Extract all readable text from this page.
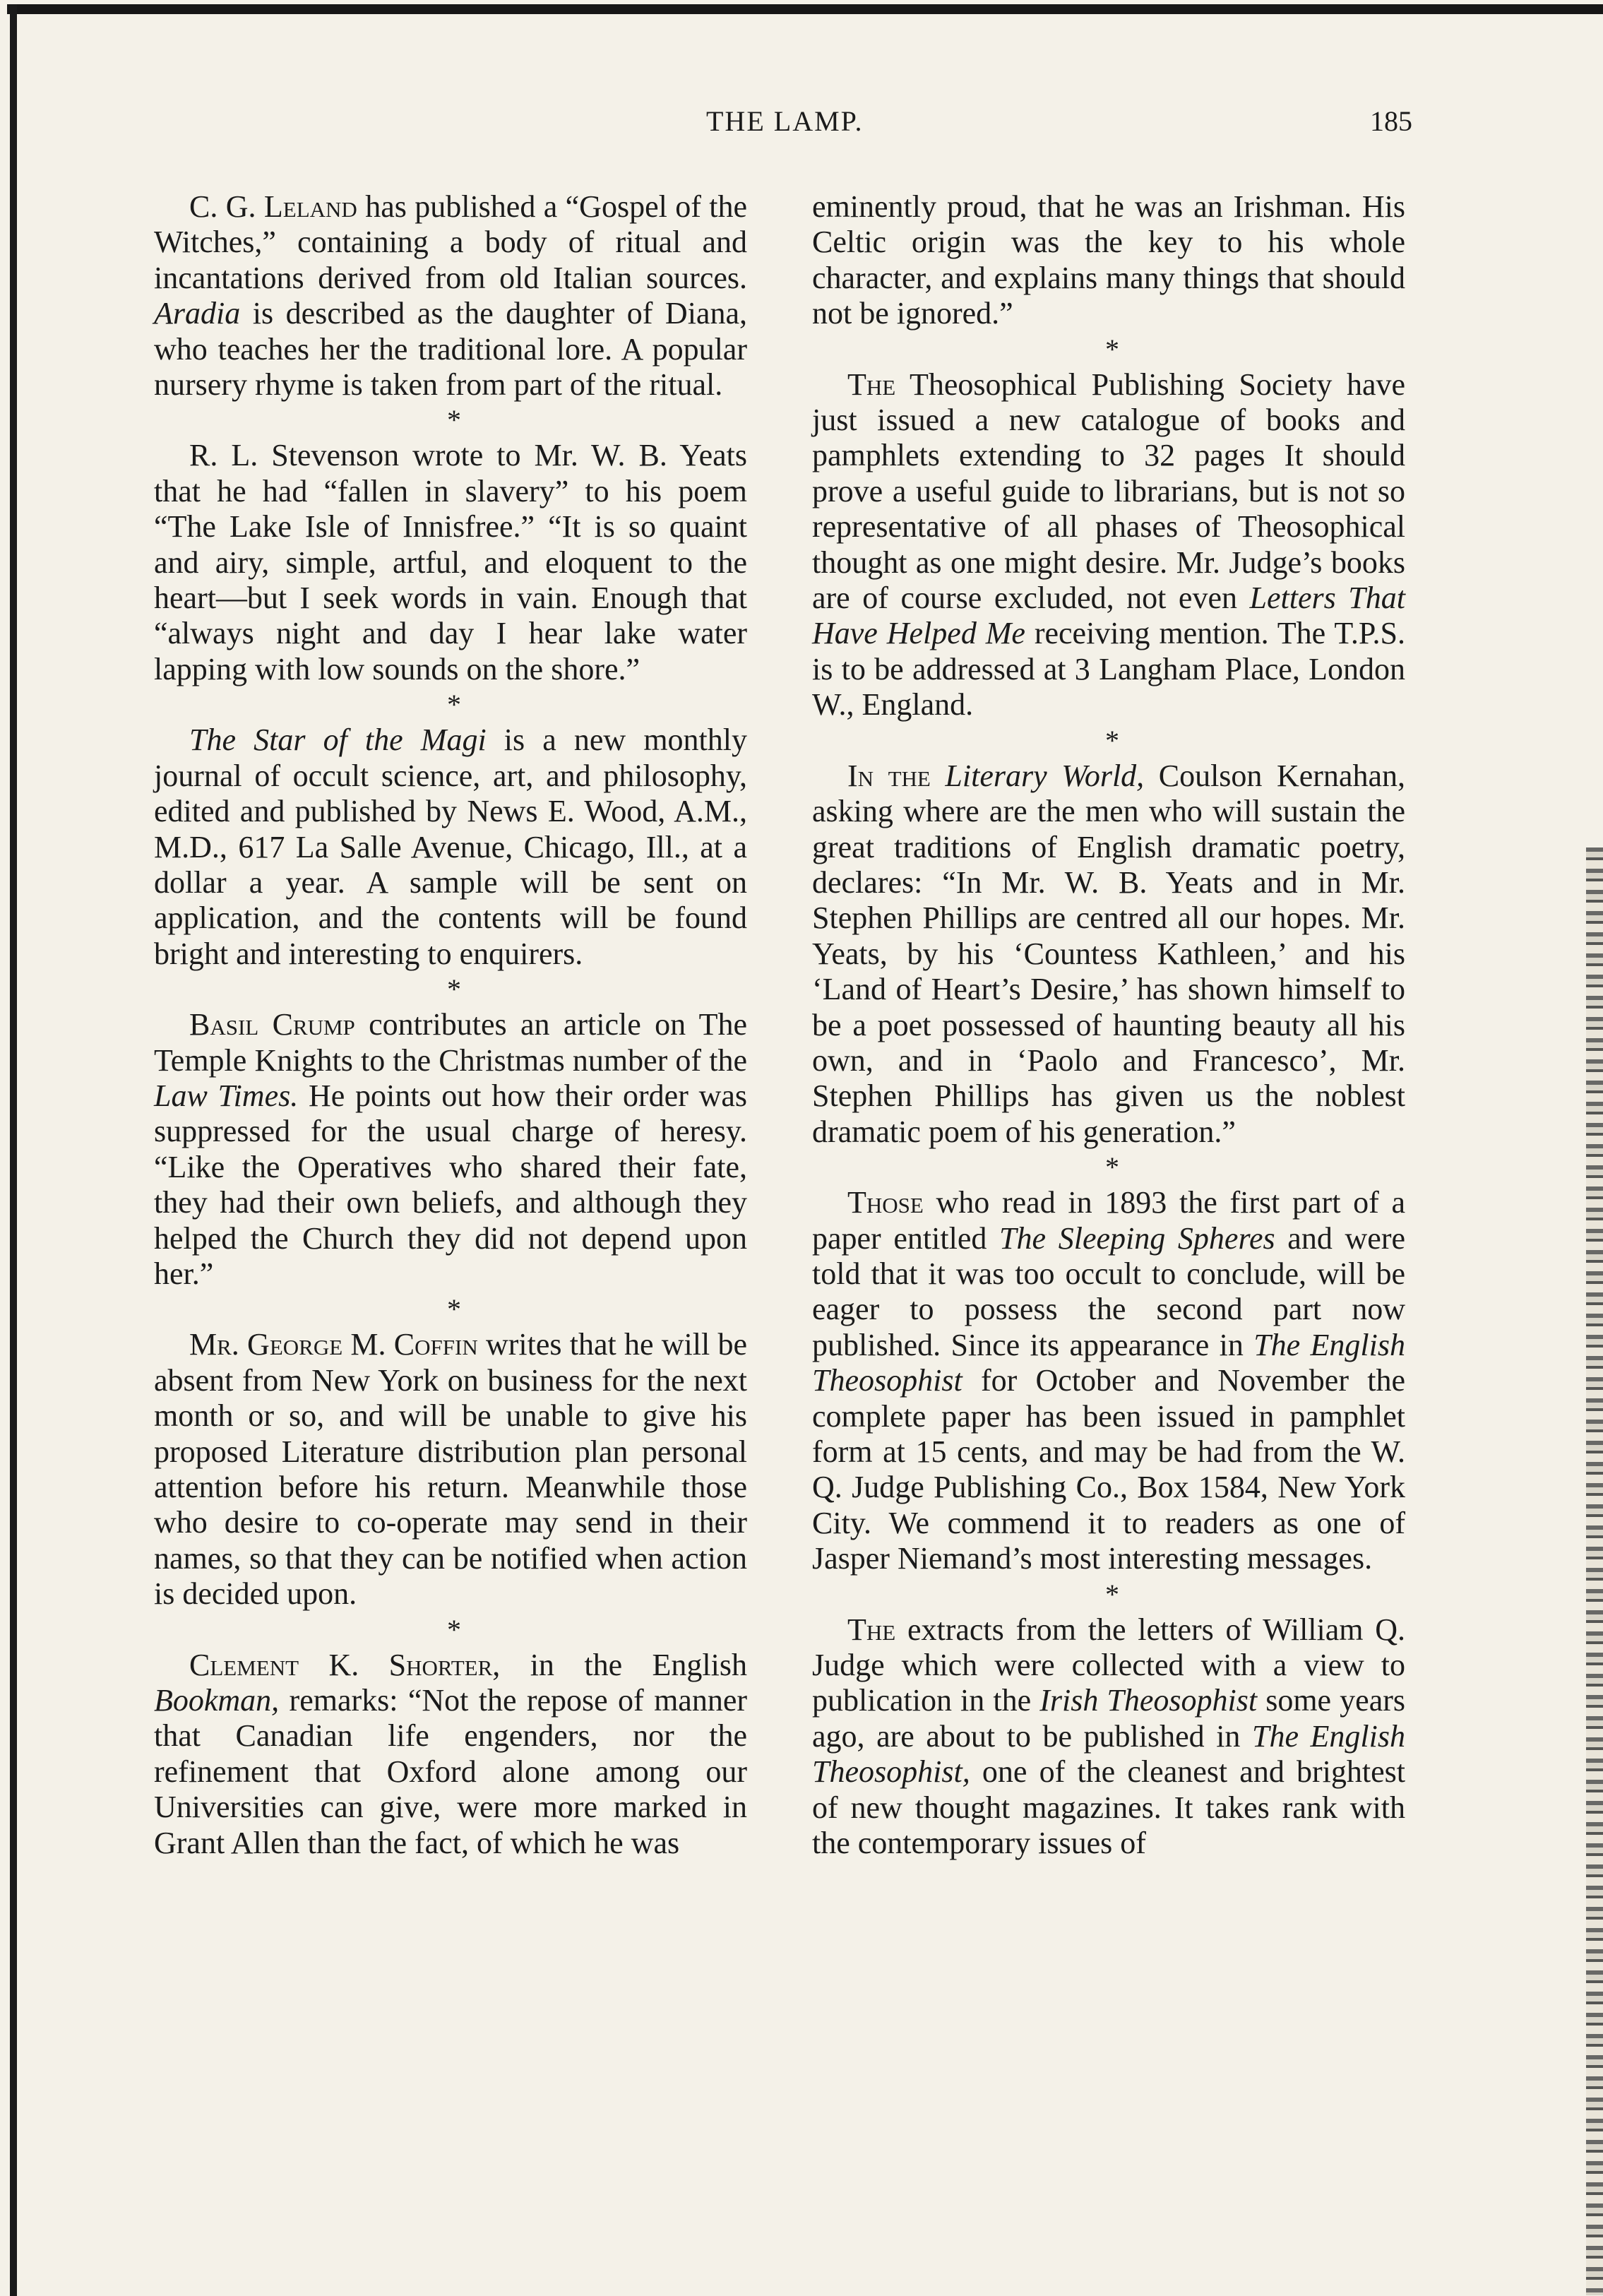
THE LAMP.	185

C. G. Leland has published a “Gospel of the Witches,” containing a body of ritual and incantations derived from old Italian sources. Aradia is described as the daughter of Diana, who teaches her the traditional lore. A popular nursery rhyme is taken from part of the ritual.

*

R. L. Stevenson wrote to Mr. W. B. Yeats that he had “fallen in slavery” to his poem “The Lake Isle of Innisfree.” “It is so quaint and airy, simple, artful, and eloquent to the heart—but I seek words in vain. Enough that “always night and day I hear lake water lapping with low sounds on the shore.”

*

The Star of the Magi is a new monthly journal of occult science, art, and philosophy, edited and published by News E. Wood, A.M., M.D., 617 La Salle Avenue, Chicago, Ill., at a dollar a year. A sample will be sent on application, and the contents will be found bright and interesting to enquirers.

*

Basil Crump contributes an article on The Temple Knights to the Christmas number of the Law Times. He points out how their order was suppressed for the usual charge of heresy. “Like the Operatives who shared their fate, they had their own beliefs, and although they helped the Church they did not depend upon her.”

*

Mr. George M. Coffin writes that he will be absent from New York on business for the next month or so, and will be unable to give his proposed Literature distribution plan personal attention before his return. Meanwhile those who desire to co-operate may send in their names, so that they can be notified when action is decided upon.

*

Clement K. Shorter, in the English Bookman, remarks: “Not the repose of manner that Canadian life engenders, nor the refinement that Oxford alone among our Universities can give, were more marked in Grant Allen than the fact, of which he was

eminently proud, that he was an Irishman. His Celtic origin was the key to his whole character, and explains many things that should not be ignored.”

*

The Theosophical Publishing Society have just issued a new catalogue of books and pamphlets extending to 32 pages It should prove a useful guide to librarians, but is not so representative of all phases of Theosophical thought as one might desire. Mr. Judge’s books are of course excluded, not even Letters That Have Helped Me receiving mention. The T.P.S. is to be addressed at 3 Langham Place, London W., England.

*

In the Literary World, Coulson Kernahan, asking where are the men who will sustain the great traditions of English dramatic poetry, declares: “In Mr. W. B. Yeats and in Mr. Stephen Phillips are centred all our hopes. Mr. Yeats, by his ‘Countess Kathleen,’ and his ‘Land of Heart’s Desire,’ has shown himself to be a poet possessed of haunting beauty all his own, and in ‘Paolo and Francesco’, Mr. Stephen Phillips has given us the noblest dramatic poem of his generation.”

*

Those who read in 1893 the first part of a paper entitled The Sleeping Spheres and were told that it was too occult to conclude, will be eager to possess the second part now published. Since its appearance in The English Theosophist for October and November the complete paper has been issued in pamphlet form at 15 cents, and may be had from the W. Q. Judge Publishing Co., Box 1584, New York City. We commend it to readers as one of Jasper Niemand’s most interesting messages.

*

The extracts from the letters of William Q. Judge which were collected with a view to publication in the Irish Theosophist some years ago, are about to be published in The English Theosophist, one of the cleanest and brightest of new thought magazines. It takes rank with the contemporary issues of
